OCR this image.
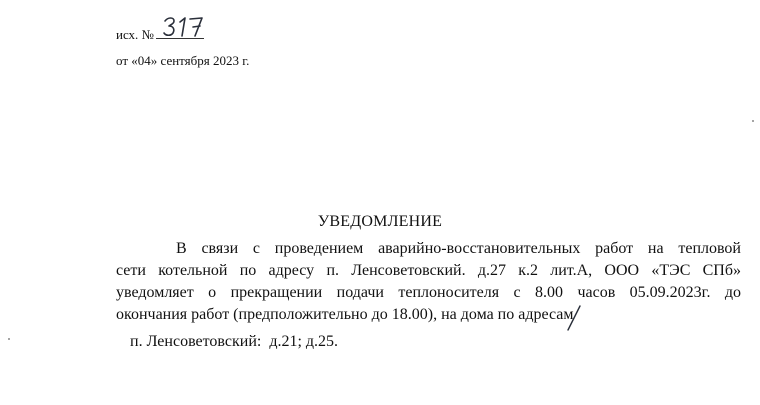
исх. №
от «04» сентября 2023 г.
УВЕДОМЛЕНИЕ
В связи с проведением аварийно-восстановительных работ на тепловой
сети котельной по адресу п. Ленсоветовский. д.27 к.2 лит.А, ООО «ТЭС СПб»
уведомляет о прекращении подачи теплоносителя с 8.00 часов 05.09.2023г. до
окончания работ (предположительно до 18.00), на дома по адресам
п. Ленсоветовский:  д.21; д.25.
